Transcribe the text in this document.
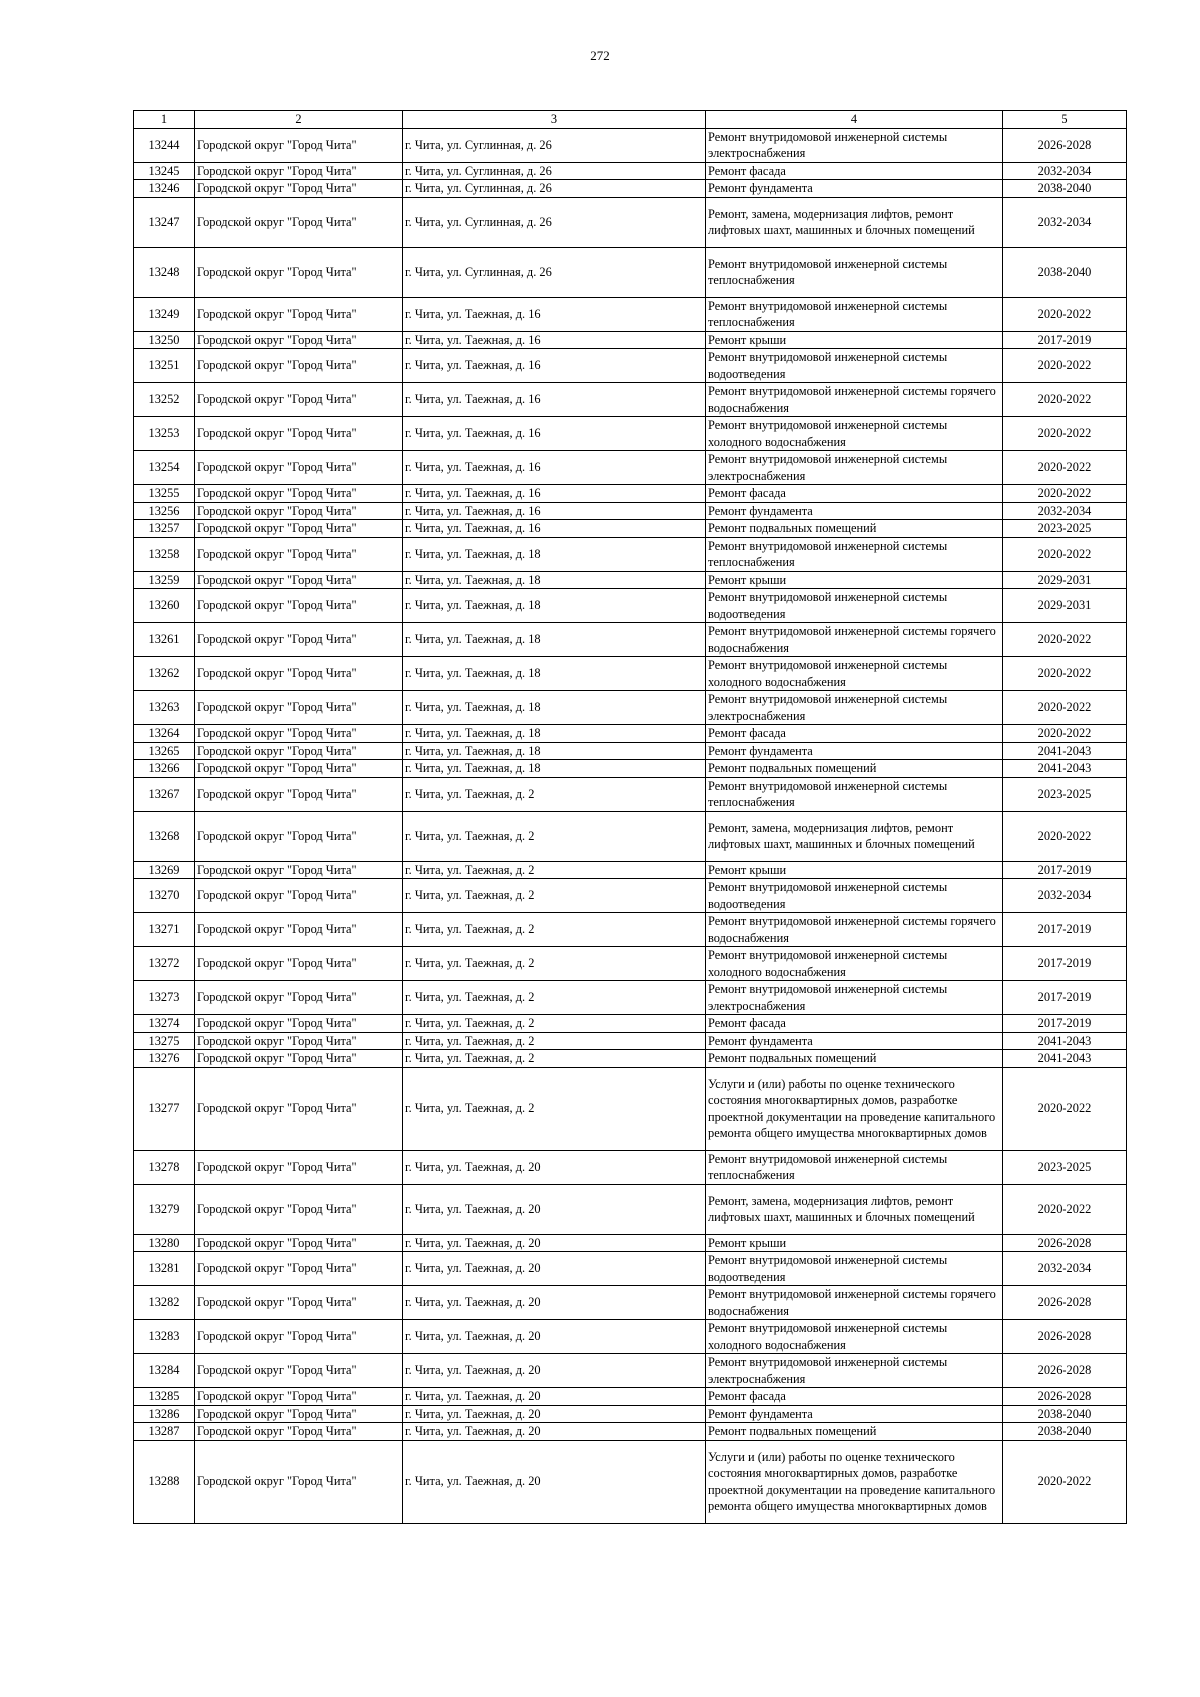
272
1	2	3	4	5
13244	Городской округ "Город Чита"	г. Чита, ул. Суглинная, д. 26	Ремонт внутридомовой инженерной системы электроснабжения	2026-2028
13245	Городской округ "Город Чита"	г. Чита, ул. Суглинная, д. 26	Ремонт фасада	2032-2034
13246	Городской округ "Город Чита"	г. Чита, ул. Суглинная, д. 26	Ремонт фундамента	2038-2040
13247	Городской округ "Город Чита"	г. Чита, ул. Суглинная, д. 26	Ремонт, замена, модернизация лифтов, ремонт лифтовых шахт, машинных и блочных помещений	2032-2034
13248	Городской округ "Город Чита"	г. Чита, ул. Суглинная, д. 26	Ремонт внутридомовой инженерной системы теплоснабжения	2038-2040
13249	Городской округ "Город Чита"	г. Чита, ул. Таежная, д. 16	Ремонт внутридомовой инженерной системы теплоснабжения	2020-2022
13250	Городской округ "Город Чита"	г. Чита, ул. Таежная, д. 16	Ремонт крыши	2017-2019
13251	Городской округ "Город Чита"	г. Чита, ул. Таежная, д. 16	Ремонт внутридомовой инженерной системы водоотведения	2020-2022
13252	Городской округ "Город Чита"	г. Чита, ул. Таежная, д. 16	Ремонт внутридомовой инженерной системы горячего водоснабжения	2020-2022
13253	Городской округ "Город Чита"	г. Чита, ул. Таежная, д. 16	Ремонт внутридомовой инженерной системы холодного водоснабжения	2020-2022
13254	Городской округ "Город Чита"	г. Чита, ул. Таежная, д. 16	Ремонт внутридомовой инженерной системы электроснабжения	2020-2022
13255	Городской округ "Город Чита"	г. Чита, ул. Таежная, д. 16	Ремонт фасада	2020-2022
13256	Городской округ "Город Чита"	г. Чита, ул. Таежная, д. 16	Ремонт фундамента	2032-2034
13257	Городской округ "Город Чита"	г. Чита, ул. Таежная, д. 16	Ремонт подвальных помещений	2023-2025
13258	Городской округ "Город Чита"	г. Чита, ул. Таежная, д. 18	Ремонт внутридомовой инженерной системы теплоснабжения	2020-2022
13259	Городской округ "Город Чита"	г. Чита, ул. Таежная, д. 18	Ремонт крыши	2029-2031
13260	Городской округ "Город Чита"	г. Чита, ул. Таежная, д. 18	Ремонт внутридомовой инженерной системы водоотведения	2029-2031
13261	Городской округ "Город Чита"	г. Чита, ул. Таежная, д. 18	Ремонт внутридомовой инженерной системы горячего водоснабжения	2020-2022
13262	Городской округ "Город Чита"	г. Чита, ул. Таежная, д. 18	Ремонт внутридомовой инженерной системы холодного водоснабжения	2020-2022
13263	Городской округ "Город Чита"	г. Чита, ул. Таежная, д. 18	Ремонт внутридомовой инженерной системы электроснабжения	2020-2022
13264	Городской округ "Город Чита"	г. Чита, ул. Таежная, д. 18	Ремонт фасада	2020-2022
13265	Городской округ "Город Чита"	г. Чита, ул. Таежная, д. 18	Ремонт фундамента	2041-2043
13266	Городской округ "Город Чита"	г. Чита, ул. Таежная, д. 18	Ремонт подвальных помещений	2041-2043
13267	Городской округ "Город Чита"	г. Чита, ул. Таежная, д. 2	Ремонт внутридомовой инженерной системы теплоснабжения	2023-2025
13268	Городской округ "Город Чита"	г. Чита, ул. Таежная, д. 2	Ремонт, замена, модернизация лифтов, ремонт лифтовых шахт, машинных и блочных помещений	2020-2022
13269	Городской округ "Город Чита"	г. Чита, ул. Таежная, д. 2	Ремонт крыши	2017-2019
13270	Городской округ "Город Чита"	г. Чита, ул. Таежная, д. 2	Ремонт внутридомовой инженерной системы водоотведения	2032-2034
13271	Городской округ "Город Чита"	г. Чита, ул. Таежная, д. 2	Ремонт внутридомовой инженерной системы горячего водоснабжения	2017-2019
13272	Городской округ "Город Чита"	г. Чита, ул. Таежная, д. 2	Ремонт внутридомовой инженерной системы холодного водоснабжения	2017-2019
13273	Городской округ "Город Чита"	г. Чита, ул. Таежная, д. 2	Ремонт внутридомовой инженерной системы электроснабжения	2017-2019
13274	Городской округ "Город Чита"	г. Чита, ул. Таежная, д. 2	Ремонт фасада	2017-2019
13275	Городской округ "Город Чита"	г. Чита, ул. Таежная, д. 2	Ремонт фундамента	2041-2043
13276	Городской округ "Город Чита"	г. Чита, ул. Таежная, д. 2	Ремонт подвальных помещений	2041-2043
13277	Городской округ "Город Чита"	г. Чита, ул. Таежная, д. 2	Услуги и (или) работы по оценке технического состояния многоквартирных домов, разработке проектной документации на проведение капитального ремонта общего имущества многоквартирных домов	2020-2022
13278	Городской округ "Город Чита"	г. Чита, ул. Таежная, д. 20	Ремонт внутридомовой инженерной системы теплоснабжения	2023-2025
13279	Городской округ "Город Чита"	г. Чита, ул. Таежная, д. 20	Ремонт, замена, модернизация лифтов, ремонт лифтовых шахт, машинных и блочных помещений	2020-2022
13280	Городской округ "Город Чита"	г. Чита, ул. Таежная, д. 20	Ремонт крыши	2026-2028
13281	Городской округ "Город Чита"	г. Чита, ул. Таежная, д. 20	Ремонт внутридомовой инженерной системы водоотведения	2032-2034
13282	Городской округ "Город Чита"	г. Чита, ул. Таежная, д. 20	Ремонт внутридомовой инженерной системы горячего водоснабжения	2026-2028
13283	Городской округ "Город Чита"	г. Чита, ул. Таежная, д. 20	Ремонт внутридомовой инженерной системы холодного водоснабжения	2026-2028
13284	Городской округ "Город Чита"	г. Чита, ул. Таежная, д. 20	Ремонт внутридомовой инженерной системы электроснабжения	2026-2028
13285	Городской округ "Город Чита"	г. Чита, ул. Таежная, д. 20	Ремонт фасада	2026-2028
13286	Городской округ "Город Чита"	г. Чита, ул. Таежная, д. 20	Ремонт фундамента	2038-2040
13287	Городской округ "Город Чита"	г. Чита, ул. Таежная, д. 20	Ремонт подвальных помещений	2038-2040
13288	Городской округ "Город Чита"	г. Чита, ул. Таежная, д. 20	Услуги и (или) работы по оценке технического состояния многоквартирных домов, разработке проектной документации на проведение капитального ремонта общего имущества многоквартирных домов	2020-2022
